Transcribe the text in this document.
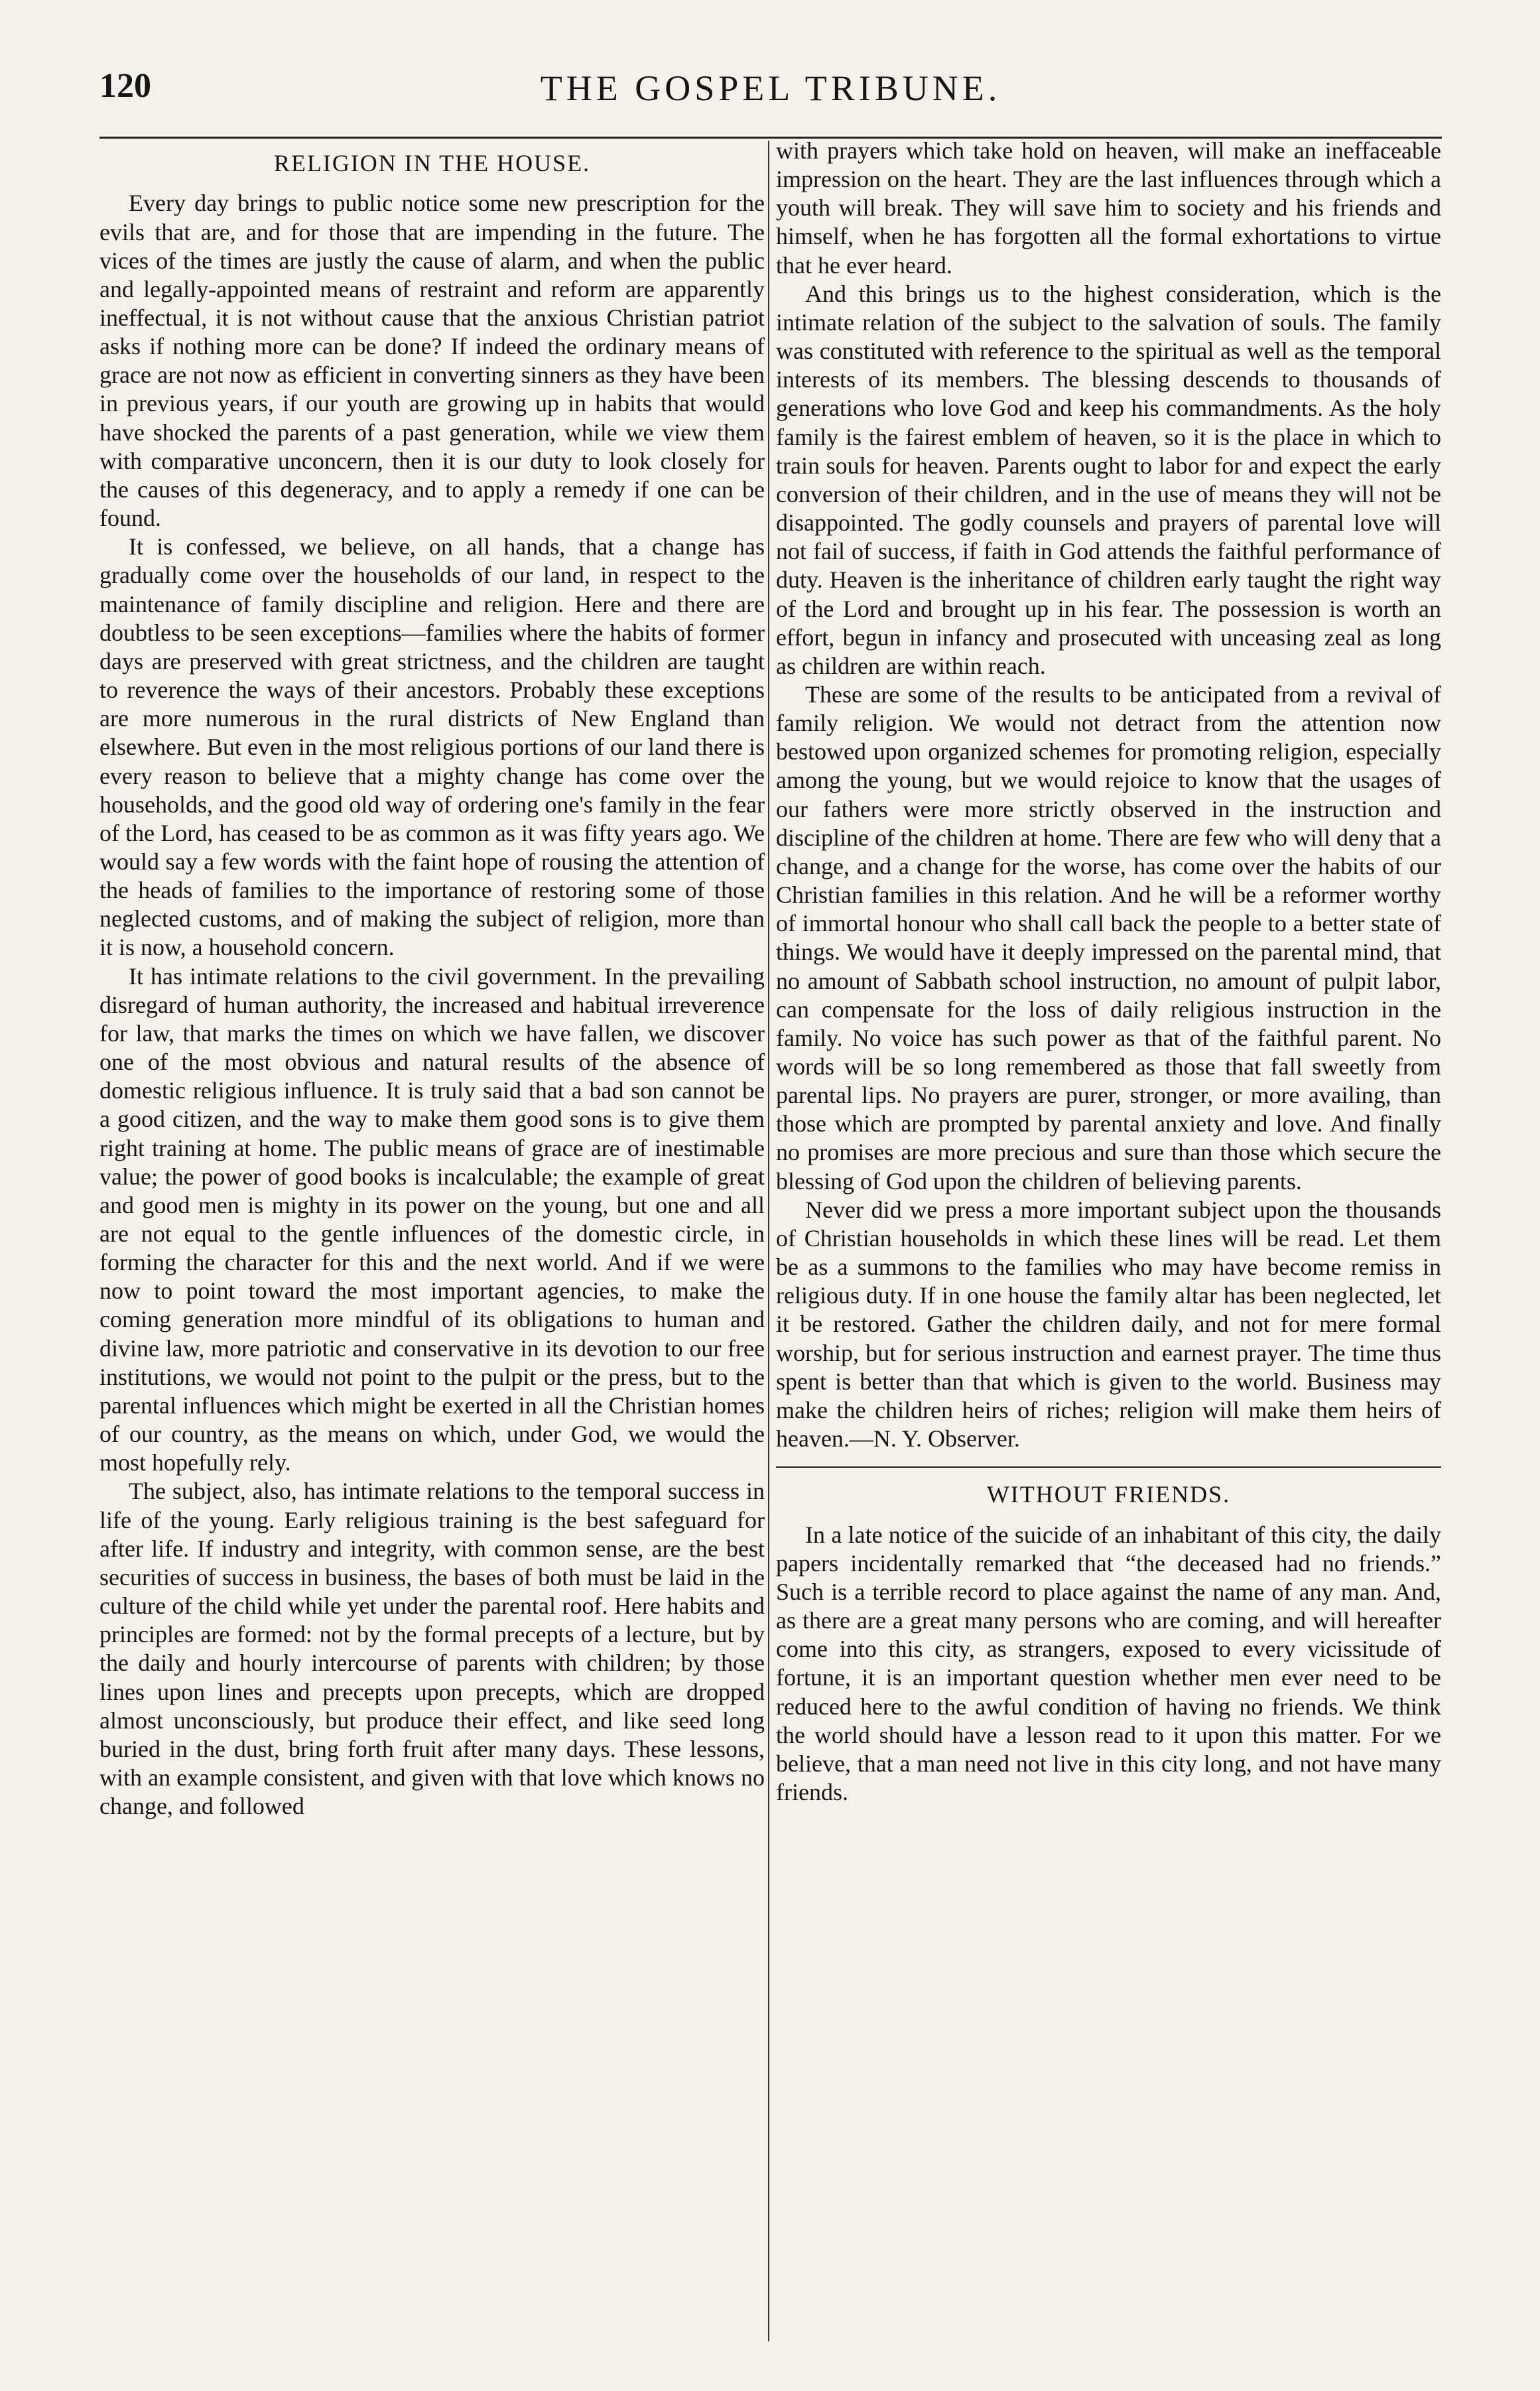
120	THE GOSPEL TRIBUNE.
RELIGION IN THE HOUSE.

Every day brings to public notice some new prescription for the evils that are, and for those that are impending in the future. The vices of the times are justly the cause of alarm, and when the public and legally-appointed means of restraint and reform are apparently ineffectual, it is not without cause that the anxious Christian patriot asks if nothing more can be done? If indeed the ordinary means of grace are not now as efficient in converting sinners as they have been in previous years, if our youth are growing up in habits that would have shocked the parents of a past generation, while we view them with comparative unconcern, then it is our duty to look closely for the causes of this degeneracy, and to apply a remedy if one can be found.

It is confessed, we believe, on all hands, that a change has gradually come over the households of our land, in respect to the maintenance of family discipline and religion. Here and there are doubtless to be seen exceptions—families where the habits of former days are preserved with great strictness, and the children are taught to reverence the ways of their ancestors. Probably these exceptions are more numerous in the rural districts of New England than elsewhere. But even in the most religious portions of our land there is every reason to believe that a mighty change has come over the households, and the good old way of ordering one's family in the fear of the Lord, has ceased to be as common as it was fifty years ago. We would say a few words with the faint hope of rousing the attention of the heads of families to the importance of restoring some of those neglected customs, and of making the subject of religion, more than it is now, a household concern.

It has intimate relations to the civil government. In the prevailing disregard of human authority, the increased and habitual irreverence for law, that marks the times on which we have fallen, we discover one of the most obvious and natural results of the absence of domestic religious influence. It is truly said that a bad son cannot be a good citizen, and the way to make them good sons is to give them right training at home. The public means of grace are of inestimable value; the power of good books is incalculable; the example of great and good men is mighty in its power on the young, but one and all are not equal to the gentle influences of the domestic circle, in forming the character for this and the next world. And if we were now to point toward the most important agencies, to make the coming generation more mindful of its obligations to human and divine law, more patriotic and conservative in its devotion to our free institutions, we would not point to the pulpit or the press, but to the parental influences which might be exerted in all the Christian homes of our country, as the means on which, under God, we would the most hopefully rely.

The subject, also, has intimate relations to the temporal success in life of the young. Early religious training is the best safeguard for after life. If industry and integrity, with common sense, are the best securities of success in business, the bases of both must be laid in the culture of the child while yet under the parental roof. Here habits and principles are formed: not by the formal precepts of a lecture, but by the daily and hourly intercourse of parents with children; by those lines upon lines and precepts upon precepts, which are dropped almost unconsciously, but produce their effect, and like seed long buried in the dust, bring forth fruit after many days. These lessons, with an example consistent, and given with that love which knows no change, and followed

with prayers which take hold on heaven, will make an ineffaceable impression on the heart. They are the last influences through which a youth will break. They will save him to society and his friends and himself, when he has forgotten all the formal exhortations to virtue that he ever heard.

And this brings us to the highest consideration, which is the intimate relation of the subject to the salvation of souls. The family was constituted with reference to the spiritual as well as the temporal interests of its members. The blessing descends to thousands of generations who love God and keep his commandments. As the holy family is the fairest emblem of heaven, so it is the place in which to train souls for heaven. Parents ought to labor for and expect the early conversion of their children, and in the use of means they will not be disappointed. The godly counsels and prayers of parental love will not fail of success, if faith in God attends the faithful performance of duty. Heaven is the inheritance of children early taught the right way of the Lord and brought up in his fear. The possession is worth an effort, begun in infancy and prosecuted with unceasing zeal as long as children are within reach.

These are some of the results to be anticipated from a revival of family religion. We would not detract from the attention now bestowed upon organized schemes for promoting religion, especially among the young, but we would rejoice to know that the usages of our fathers were more strictly observed in the instruction and discipline of the children at home. There are few who will deny that a change, and a change for the worse, has come over the habits of our Christian families in this relation. And he will be a reformer worthy of immortal honour who shall call back the people to a better state of things. We would have it deeply impressed on the parental mind, that no amount of Sabbath school instruction, no amount of pulpit labor, can compensate for the loss of daily religious instruction in the family. No voice has such power as that of the faithful parent. No words will be so long remembered as those that fall sweetly from parental lips. No prayers are purer, stronger, or more availing, than those which are prompted by parental anxiety and love. And finally no promises are more precious and sure than those which secure the blessing of God upon the children of believing parents.

Never did we press a more important subject upon the thousands of Christian households in which these lines will be read. Let them be as a summons to the families who may have become remiss in religious duty. If in one house the family altar has been neglected, let it be restored. Gather the children daily, and not for mere formal worship, but for serious instruction and earnest prayer. The time thus spent is better than that which is given to the world. Business may make the children heirs of riches; religion will make them heirs of heaven.—N. Y. Observer.

WITHOUT FRIENDS.

In a late notice of the suicide of an inhabitant of this city, the daily papers incidentally remarked that “the deceased had no friends.” Such is a terrible record to place against the name of any man. And, as there are a great many persons who are coming, and will hereafter come into this city, as strangers, exposed to every vicissitude of fortune, it is an important question whether men ever need to be reduced here to the awful condition of having no friends. We think the world should have a lesson read to it upon this matter. For we believe, that a man need not live in this city long, and not have many friends.
